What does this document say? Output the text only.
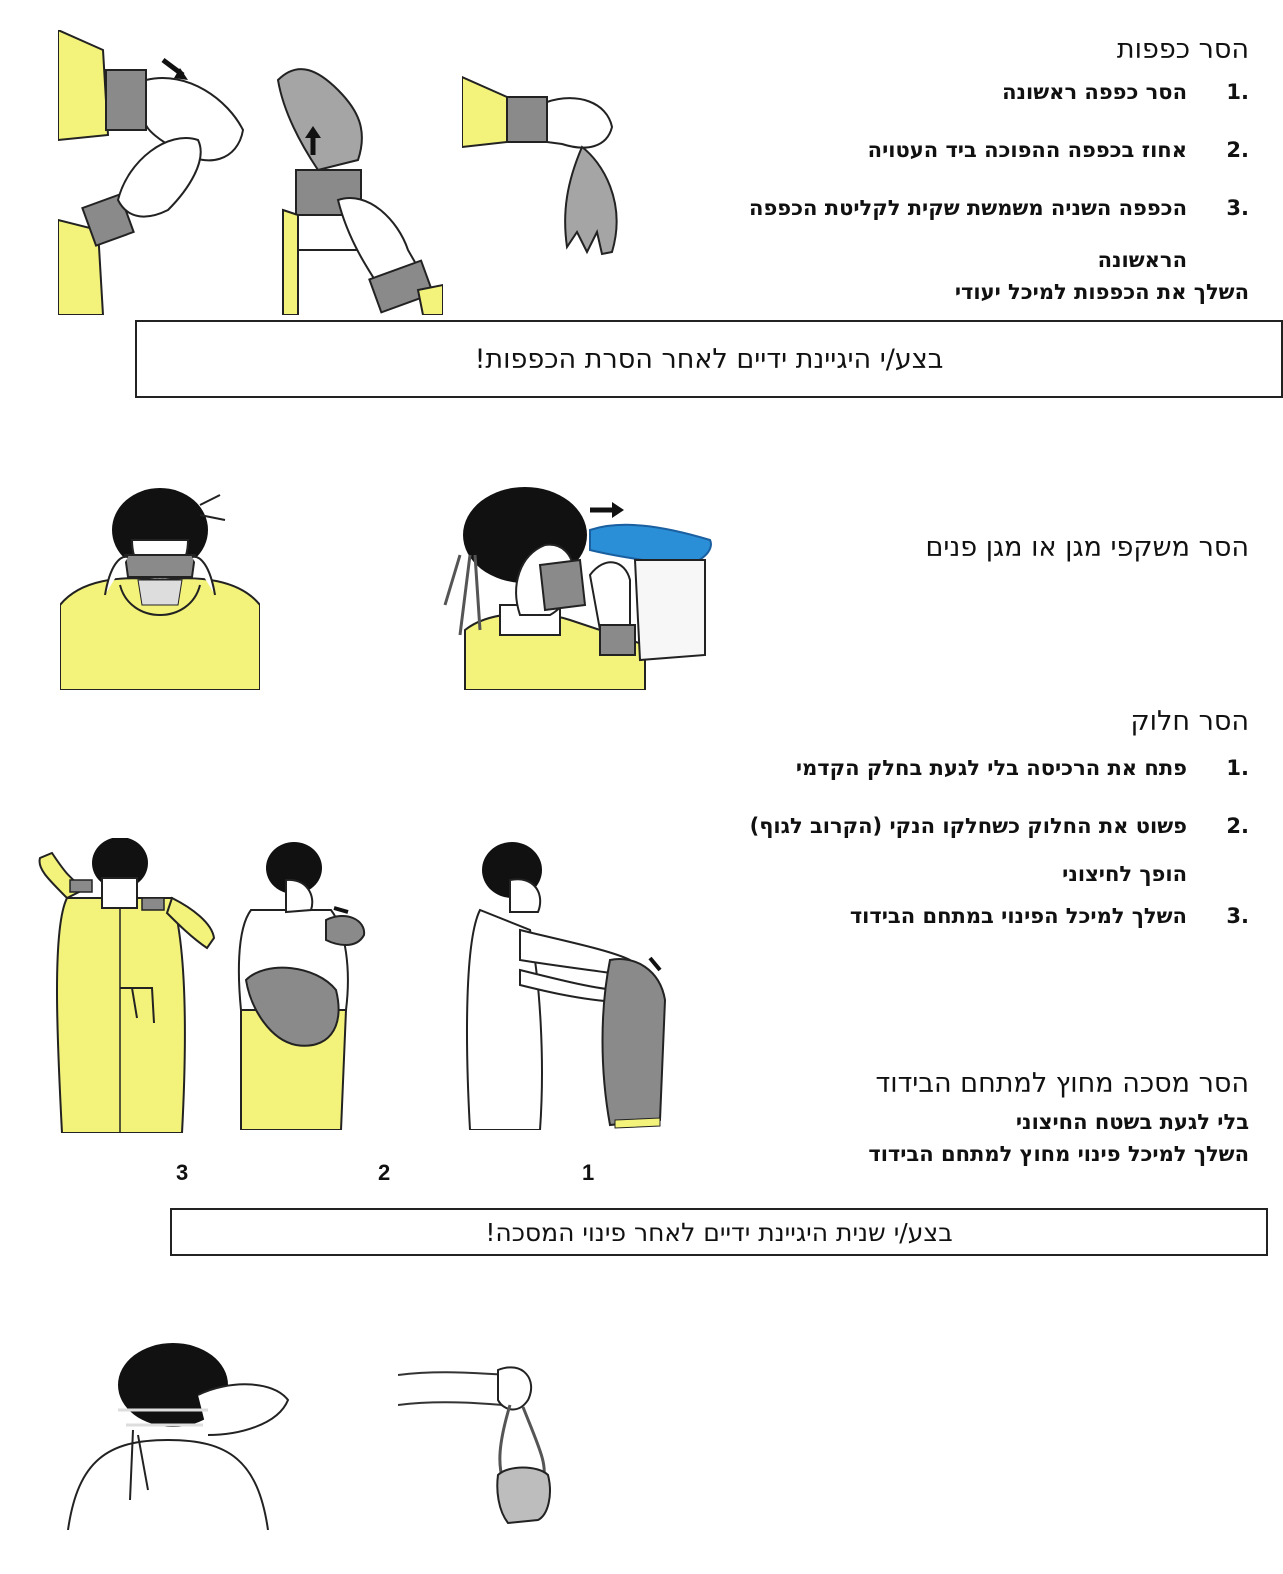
הסר כפפות
.1הסר כפפה ראשונה
.2אחוז בכפפה ההפוכה ביד העטויה
.3הכפפה השניה משמשת שקית לקליטת הכפפה
הראשונה
השלך את הכפפות למיכל יעודי
בצע/י היגיינת ידיים לאחר הסרת הכפפות!
הסר משקפי מגן או מגן פנים
הסר חלוק
.1פתח את הרכיסה בלי לגעת בחלק הקדמי
.2פשוט את החלוק כשחלקו הנקי (הקרוב לגוף)
הופך לחיצוני
.3השלך למיכל הפינוי במתחם הבידוד
3	2	1
הסר מסכה מחוץ למתחם הבידוד
בלי לגעת בשטח החיצוני
השלך למיכל פינוי מחוץ למתחם הבידוד
בצע/י שנית היגיינת ידיים לאחר פינוי המסכה!
